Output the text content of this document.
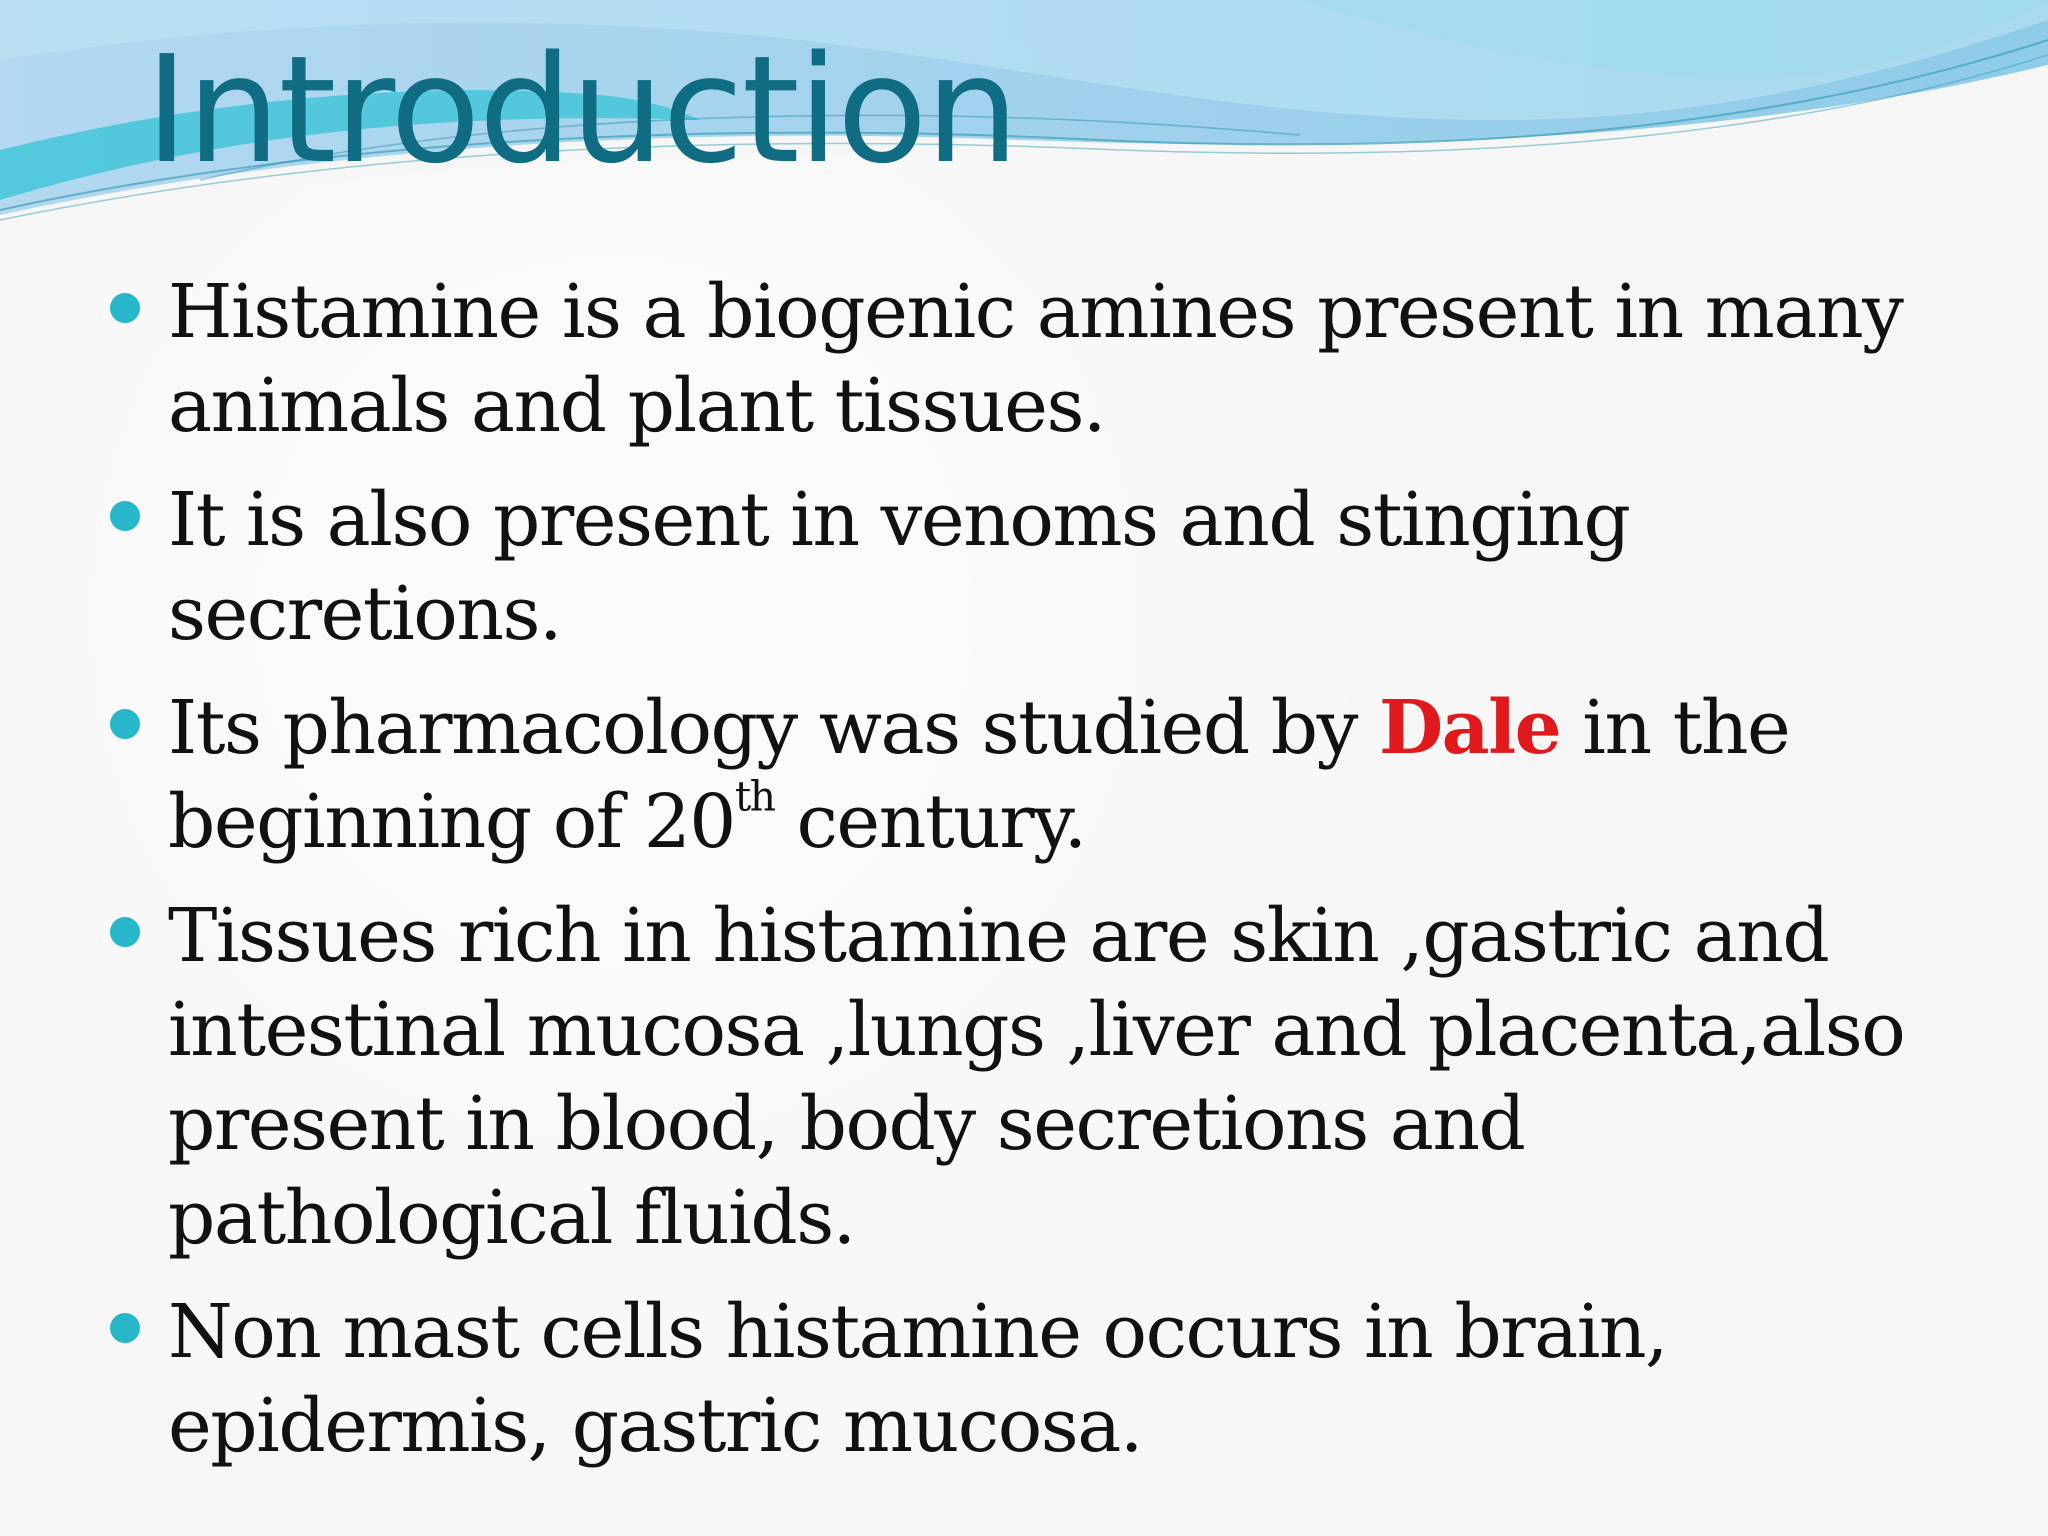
Introduction
Histamine is a biogenic amines present in many animals and plant tissues.
It is also present in venoms and stinging secretions.
Its pharmacology was studied by Dale in the beginning of 20th century.
Tissues rich in histamine are skin ,gastric and intestinal mucosa ,lungs ,liver and placenta,also present in blood, body secretions and pathological fluids.
Non mast cells histamine occurs in brain, epidermis, gastric mucosa.
